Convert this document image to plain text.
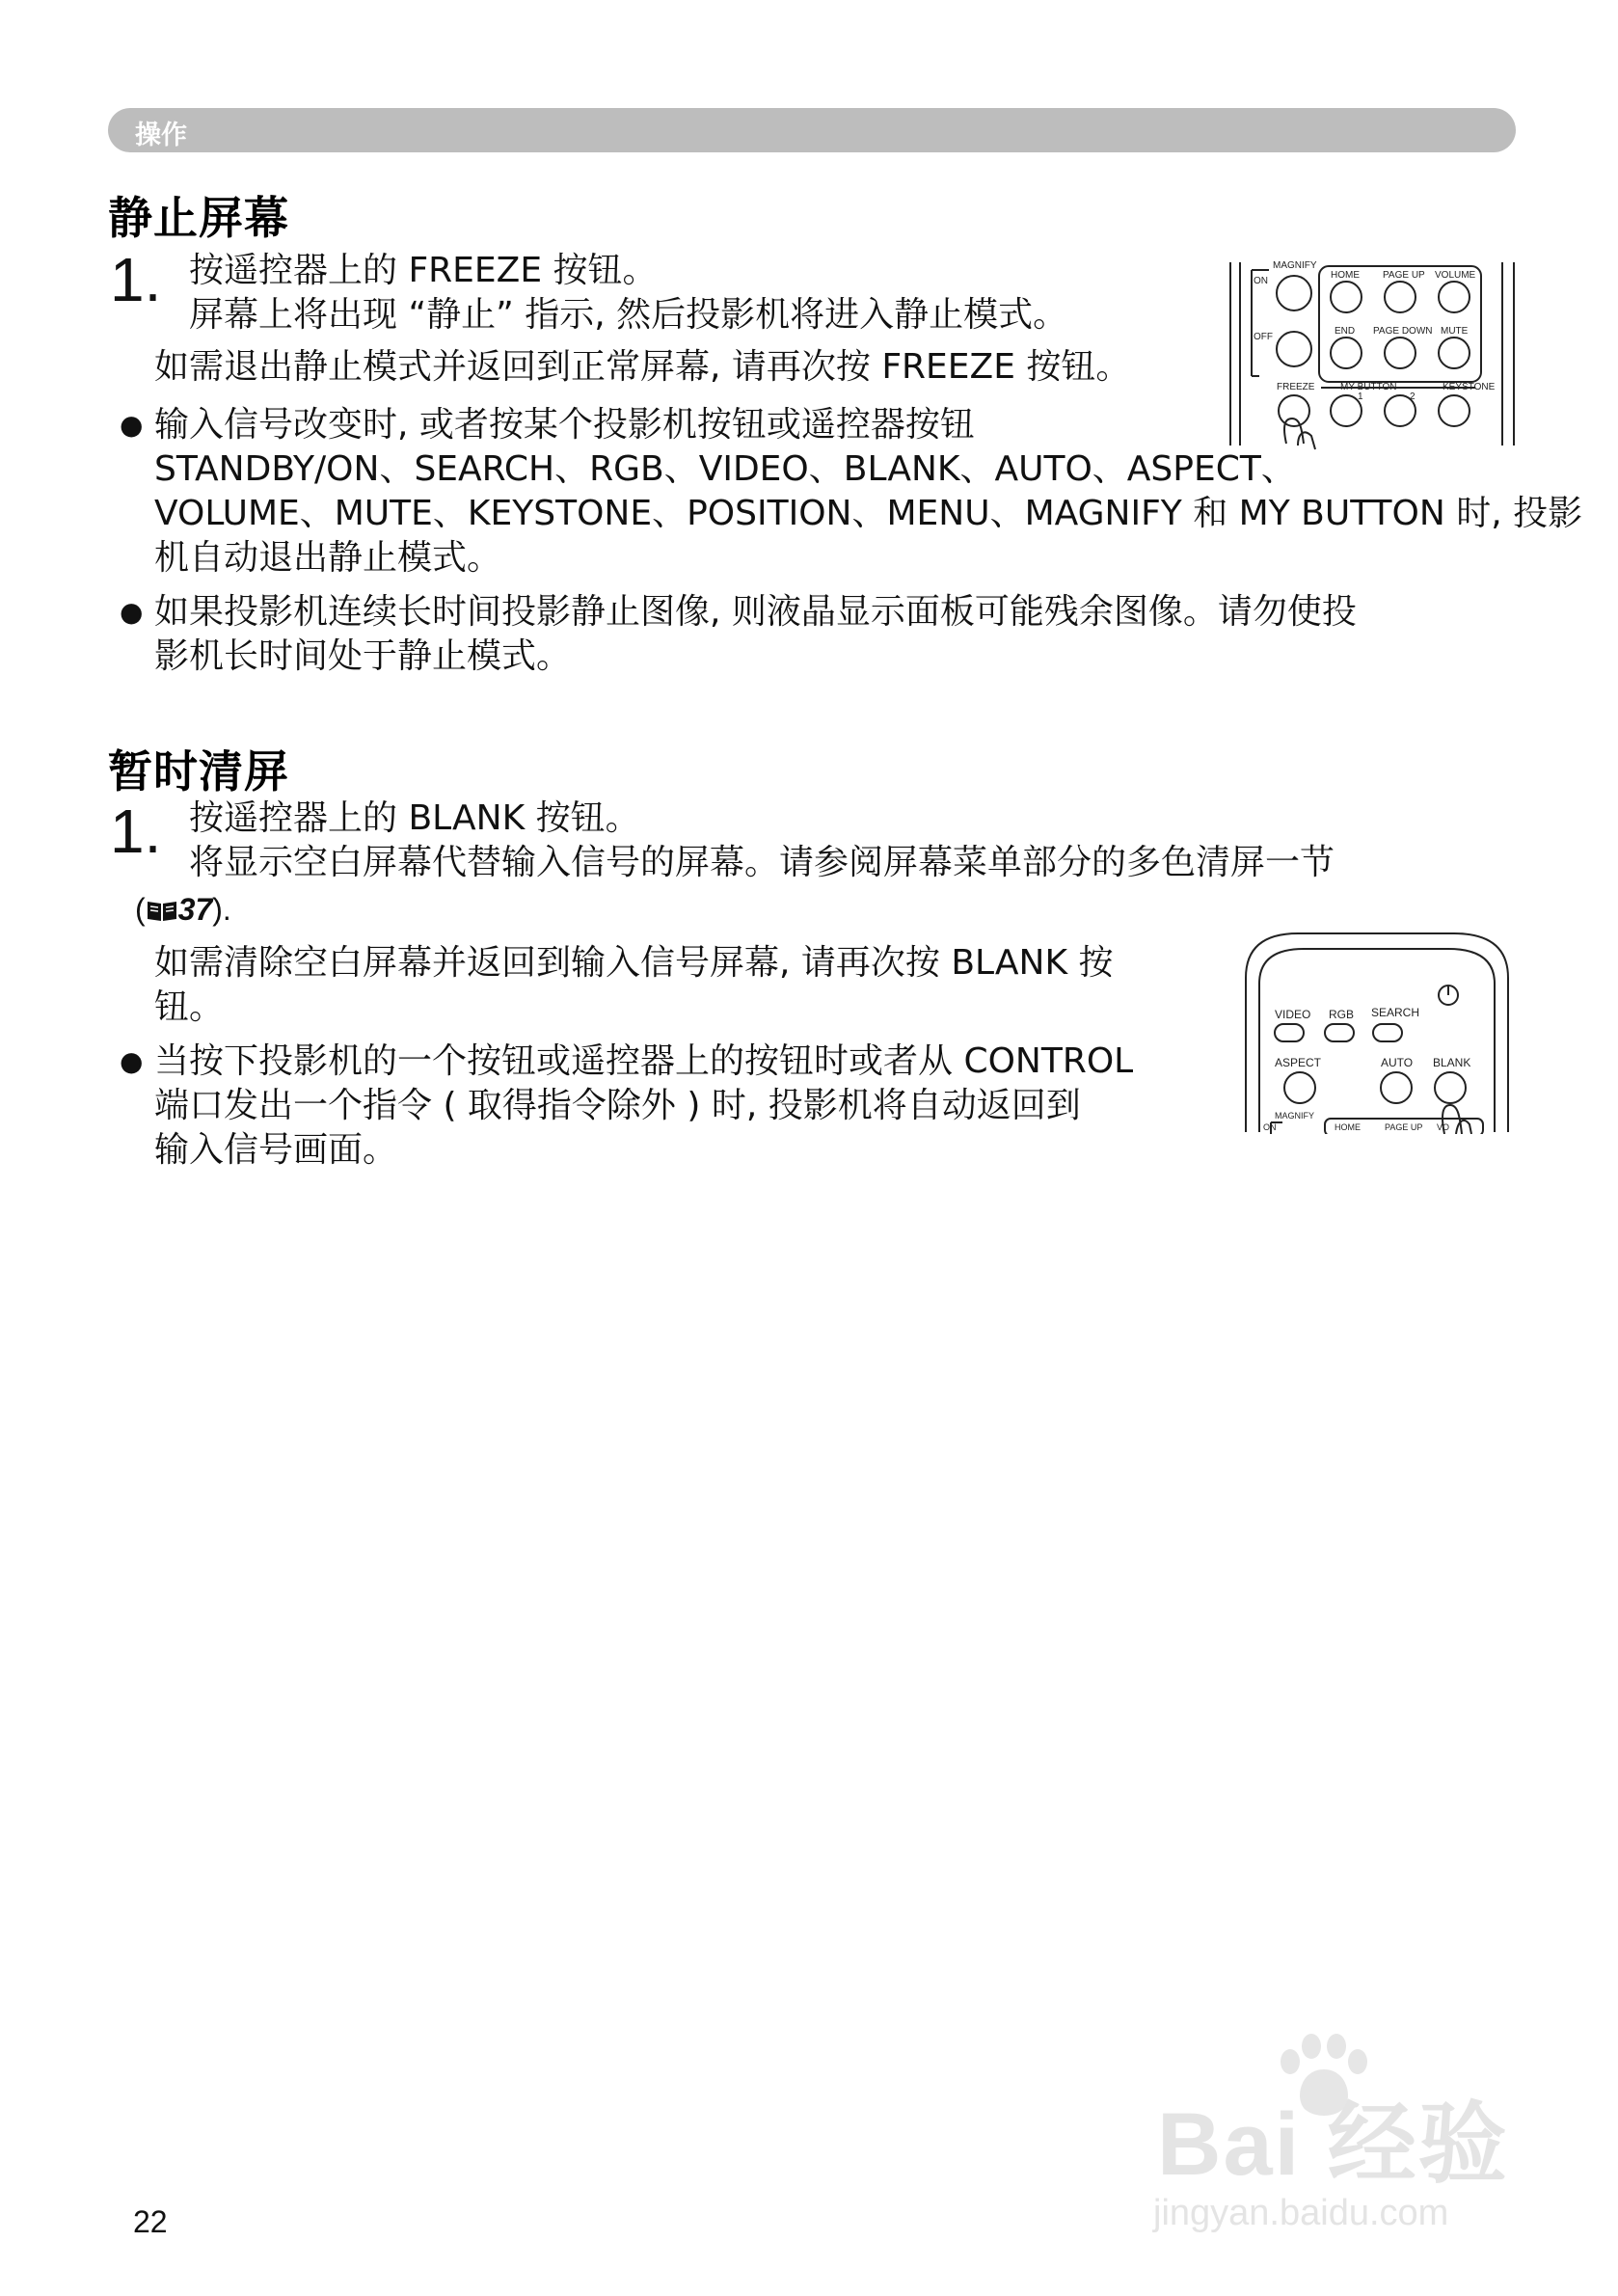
操作
静止屏幕
1. 按遥控器上的 FREEZE 按钮。
屏幕上将出现 “静止” 指示, 然后投影机将进入静止模式。
如需退出静止模式并返回到正常屏幕, 请再次按 FREEZE 按钮。
● 输入信号改变时, 或者按某个投影机按钮或遥控器按钮
STANDBY/ON、SEARCH、RGB、VIDEO、BLANK、AUTO、ASPECT、
VOLUME、MUTE、KEYSTONE、POSITION、MENU、MAGNIFY 和 MY BUTTON 时, 投影
机自动退出静止模式。
● 如果投影机连续长时间投影静止图像, 则液晶显示面板可能残余图像。请勿使投
影机长时间处于静止模式。
MAGNIFY
ON
OFF
HOME PAGE UP VOLUME
END PAGE DOWN MUTE
FREEZE	MY BUTTON	KEYSTONE
1	2
暂时清屏
1. 按遥控器上的 BLANK 按钮。
将显示空白屏幕代替输入信号的屏幕。请参阅屏幕菜单部分的多色清屏一节
( 37).
如需清除空白屏幕并返回到输入信号屏幕, 请再次按 BLANK 按
钮。
● 当按下投影机的一个按钮或遥控器上的按钮时或者从 CONTROL
端口发出一个指令 ( 取得指令除外 ) 时, 投影机将自动返回到
输入信号画面。
VIDEO RGB SEARCH
ASPECT	AUTO BLANK
MAGNIFY
ON	HOME	PAGE UP VO
22
Bai 经验
jingyan.baidu.com
